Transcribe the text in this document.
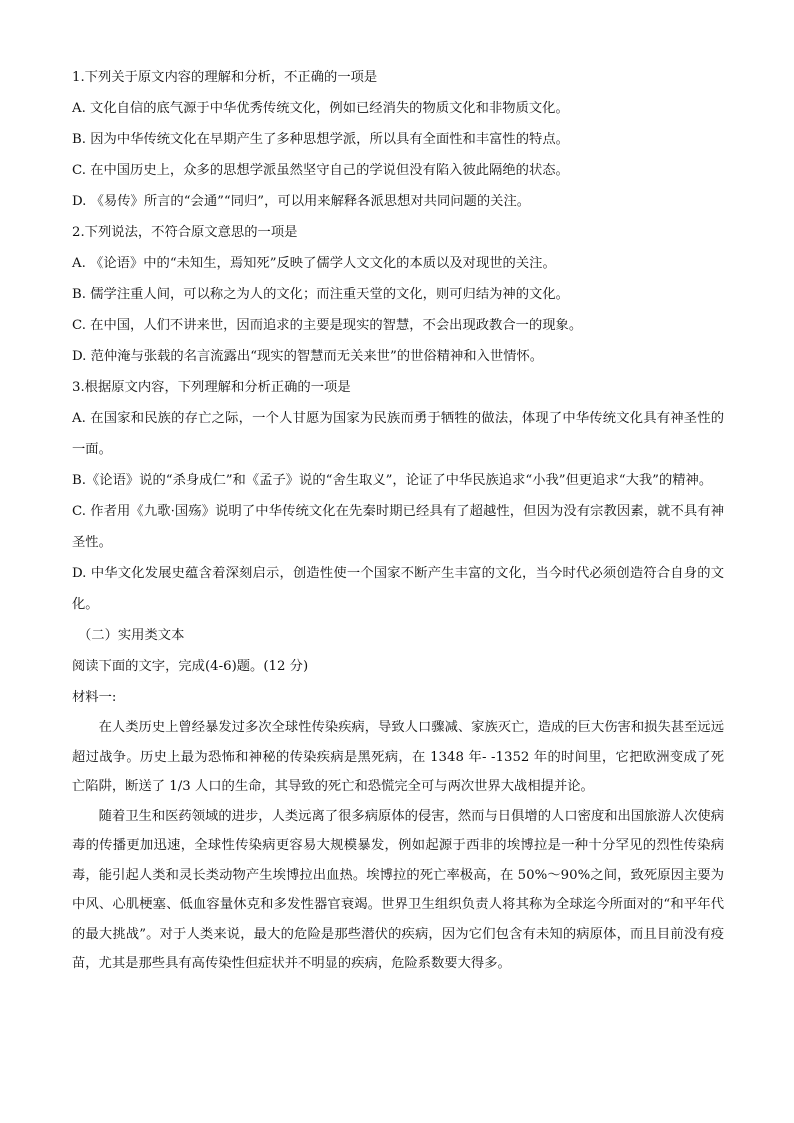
1.下列关于原文内容的理解和分析，不正确的一项是

A. 文化自信的底气源于中华优秀传统文化，例如已经消失的物质文化和非物质文化。

B. 因为中华传统文化在早期产生了多种思想学派，所以具有全面性和丰富性的特点。

C. 在中国历史上，众多的思想学派虽然坚守自己的学说但没有陷入彼此隔绝的状态。

D. 《易传》所言的“会通”“同归”，可以用来解释各派思想对共同问题的关注。

2.下列说法，不符合原文意思的一项是

A. 《论语》中的“未知生，焉知死”反映了儒学人文文化的本质以及对现世的关注。

B. 儒学注重人间，可以称之为人的文化；而注重天堂的文化，则可归结为神的文化。

C. 在中国，人们不讲来世，因而追求的主要是现实的智慧，不会出现政教合一的现象。

D. 范仲淹与张载的名言流露出“现实的智慧而无关来世”的世俗精神和入世情怀。

3.根据原文内容，下列理解和分析正确的一项是

A. 在国家和民族的存亡之际，一个人甘愿为国家为民族而勇于牺牲的做法，体现了中华传统文化具有神圣性的一面。

B.《论语》说的“杀身成仁”和《孟子》说的“舍生取义”，论证了中华民族追求“小我”但更追求“大我”的精神。

C. 作者用《九歌·国殇》说明了中华传统文化在先秦时期已经具有了超越性，但因为没有宗教因素，就不具有神圣性。

D. 中华文化发展史蕴含着深刻启示，创造性使一个国家不断产生丰富的文化，当今时代必须创造符合自身的文化。

（二）实用类文本

阅读下面的文字，完成(4-6)题。(12 分)

材料一:

在人类历史上曾经暴发过多次全球性传染疾病，导致人口骤减、家族灭亡，造成的巨大伤害和损失甚至远远超过战争。历史上最为恐怖和神秘的传染疾病是黑死病，在 1348 年- -1352 年的时间里，它把欧洲变成了死亡陷阱，断送了 1/3 人口的生命，其导致的死亡和恐慌完全可与两次世界大战相提并论。

随着卫生和医药领域的进步，人类远离了很多病原体的侵害，然而与日俱增的人口密度和出国旅游人次使病毒的传播更加迅速，全球性传染病更容易大规模暴发，例如起源于西非的埃博拉是一种十分罕见的烈性传染病毒，能引起人类和灵长类动物产生埃博拉出血热。埃博拉的死亡率极高，在 50%～90%之间，致死原因主要为中风、心肌梗塞、低血容量休克和多发性器官衰竭。世界卫生组织负责人将其称为全球迄今所面对的“和平年代的最大挑战”。对于人类来说，最大的危险是那些潜伏的疾病，因为它们包含有未知的病原体，而且目前没有疫苗，尤其是那些具有高传染性但症状并不明显的疾病，危险系数要大得多。
